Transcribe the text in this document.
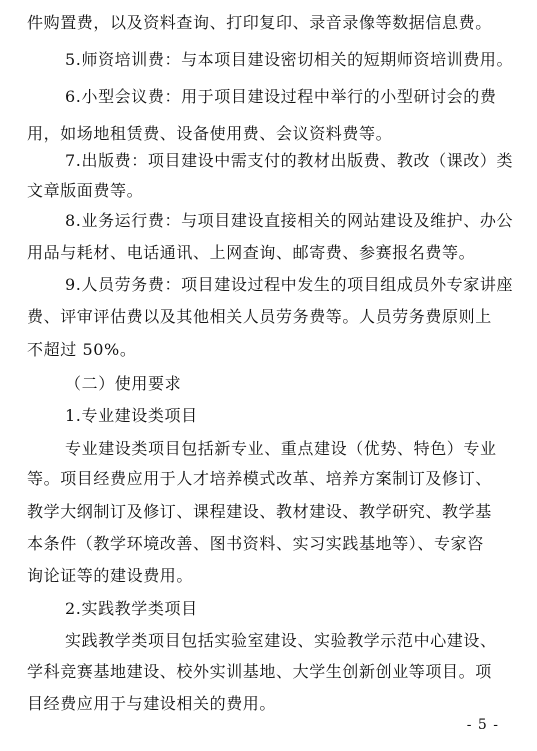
件购置费，以及资料查询、打印复印、录音录像等数据信息费。
5.师资培训费：与本项目建设密切相关的短期师资培训费用。
6.小型会议费：用于项目建设过程中举行的小型研讨会的费
用，如场地租赁费、设备使用费、会议资料费等。
7.出版费：项目建设中需支付的教材出版费、教改（课改）类
文章版面费等。
8.业务运行费：与项目建设直接相关的网站建设及维护、办公
用品与耗材、电话通讯、上网查询、邮寄费、参赛报名费等。
9.人员劳务费：项目建设过程中发生的项目组成员外专家讲座
费、评审评估费以及其他相关人员劳务费等。人员劳务费原则上
不超过 50%。
（二）使用要求
1.专业建设类项目
专业建设类项目包括新专业、重点建设（优势、特色）专业
等。项目经费应用于人才培养模式改革、培养方案制订及修订、
教学大纲制订及修订、课程建设、教材建设、教学研究、教学基
本条件（教学环境改善、图书资料、实习实践基地等）、专家咨
询论证等的建设费用。
2.实践教学类项目
实践教学类项目包括实验室建设、实验教学示范中心建设、
学科竞赛基地建设、校外实训基地、大学生创新创业等项目。项
目经费应用于与建设相关的费用。
- 5 -
